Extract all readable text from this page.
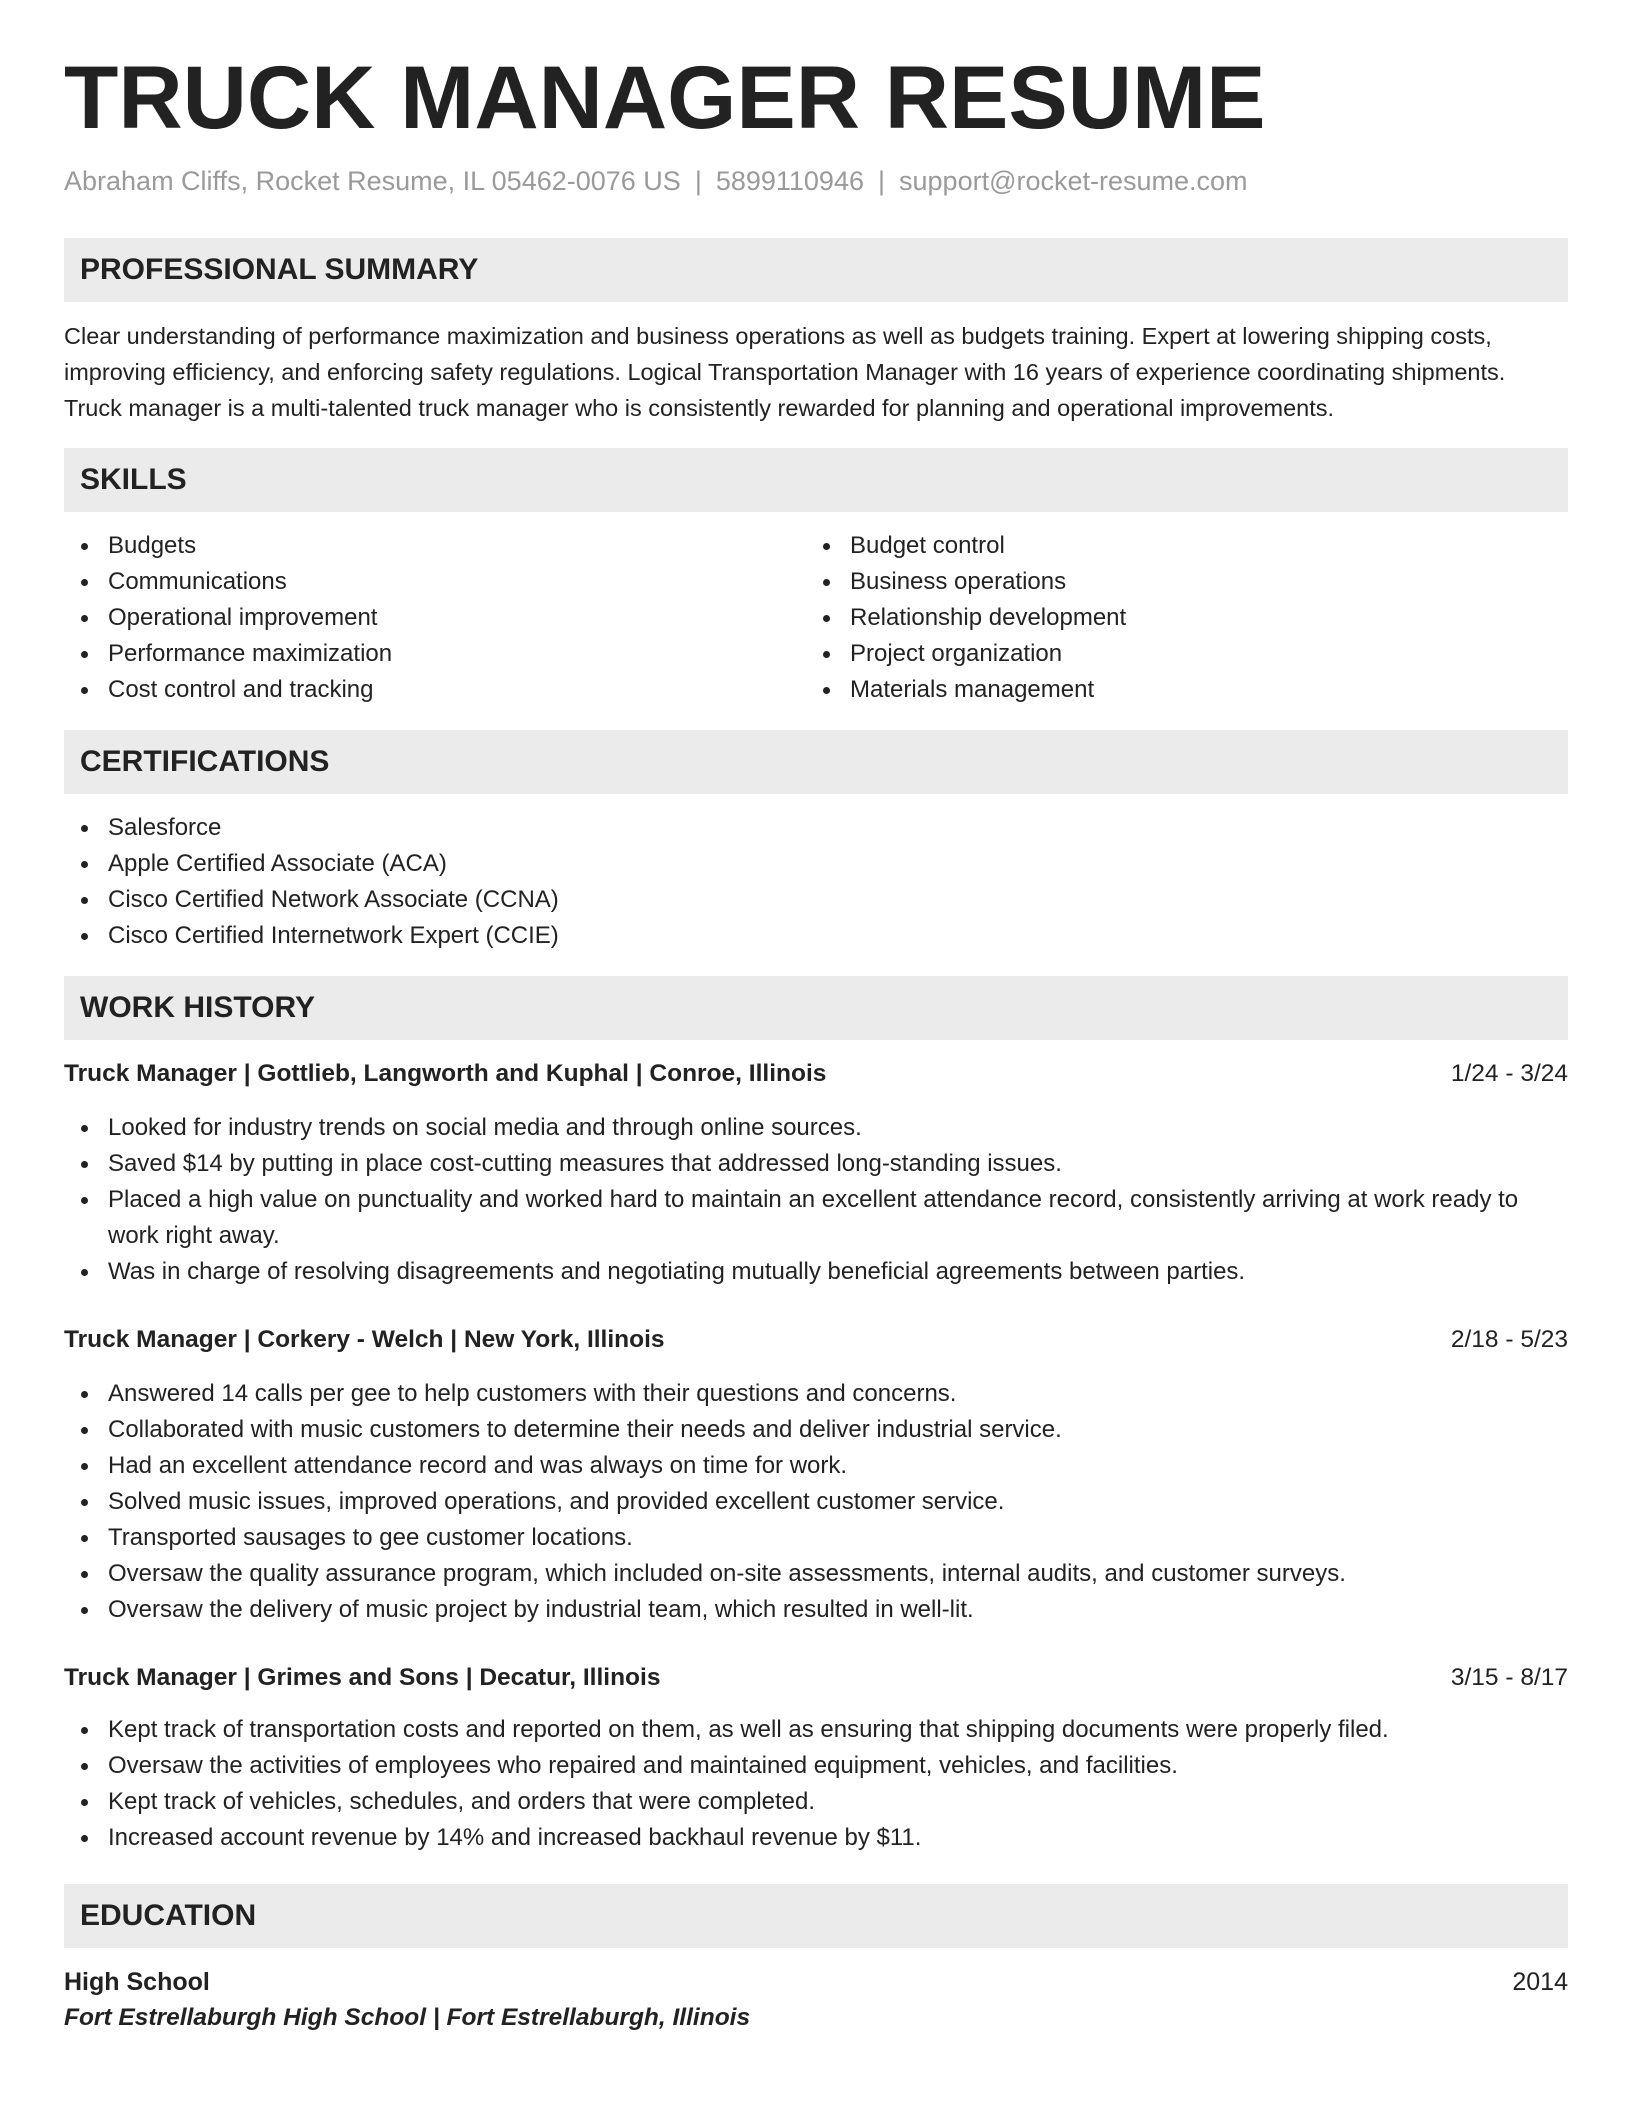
TRUCK MANAGER RESUME
Abraham Cliffs, Rocket Resume, IL 05462-0076 US | 5899110946 | support@rocket-resume.com
PROFESSIONAL SUMMARY

Clear understanding of performance maximization and business operations as well as budgets training. Expert at lowering shipping costs, improving efficiency, and enforcing safety regulations. Logical Transportation Manager with 16 years of experience coordinating shipments. Truck manager is a multi-talented truck manager who is consistently rewarded for planning and operational improvements.

SKILLS
Budgets
Communications
Operational improvement
Performance maximization
Cost control and tracking
Budget control
Business operations
Relationship development
Project organization
Materials management
CERTIFICATIONS
Salesforce
Apple Certified Associate (ACA)
Cisco Certified Network Associate (CCNA)
Cisco Certified Internetwork Expert (CCIE)
WORK HISTORY
Truck Manager | Gottlieb, Langworth and Kuphal | Conroe, Illinois	1/24 - 3/24
Looked for industry trends on social media and through online sources.
Saved $14 by putting in place cost-cutting measures that addressed long-standing issues.
Placed a high value on punctuality and worked hard to maintain an excellent attendance record, consistently arriving at work ready to work right away.
Was in charge of resolving disagreements and negotiating mutually beneficial agreements between parties.
Truck Manager | Corkery - Welch | New York, Illinois	2/18 - 5/23
Answered 14 calls per gee to help customers with their questions and concerns.
Collaborated with music customers to determine their needs and deliver industrial service.
Had an excellent attendance record and was always on time for work.
Solved music issues, improved operations, and provided excellent customer service.
Transported sausages to gee customer locations.
Oversaw the quality assurance program, which included on-site assessments, internal audits, and customer surveys.
Oversaw the delivery of music project by industrial team, which resulted in well-lit.
Truck Manager | Grimes and Sons | Decatur, Illinois	3/15 - 8/17
Kept track of transportation costs and reported on them, as well as ensuring that shipping documents were properly filed.
Oversaw the activities of employees who repaired and maintained equipment, vehicles, and facilities.
Kept track of vehicles, schedules, and orders that were completed.
Increased account revenue by 14% and increased backhaul revenue by $11.
EDUCATION
High School	2014
Fort Estrellaburgh High School | Fort Estrellaburgh, Illinois
